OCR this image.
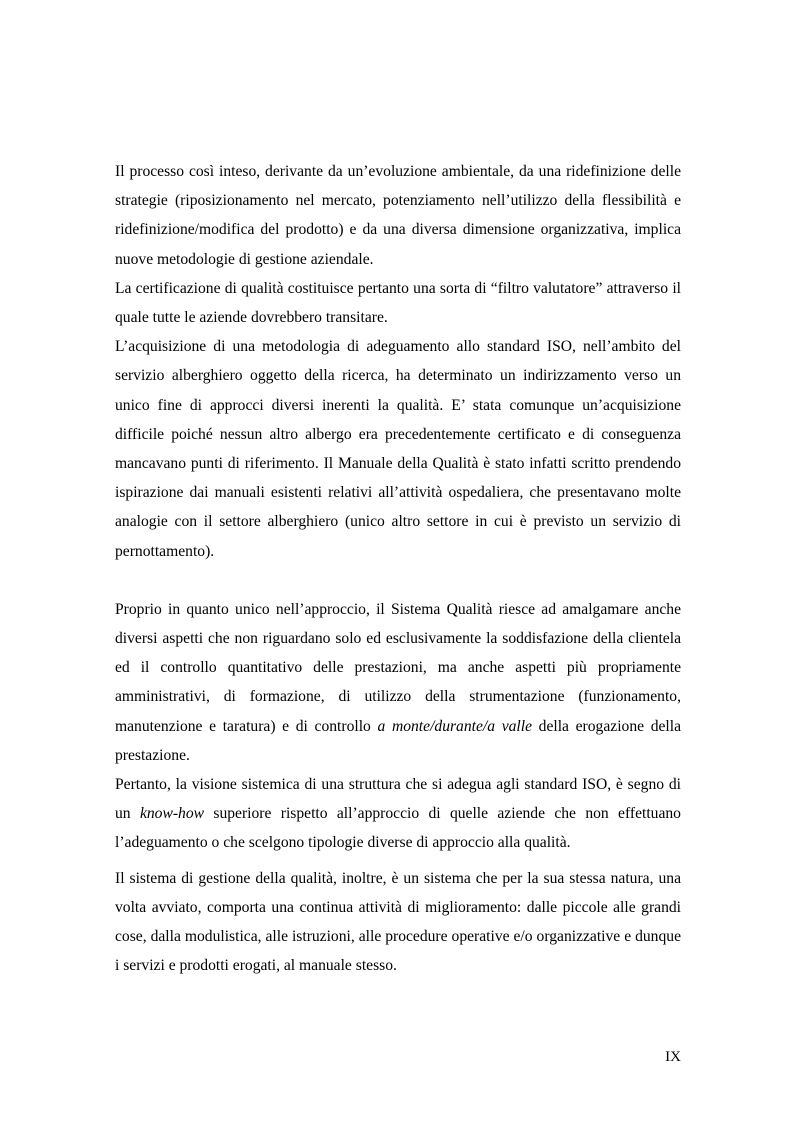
Il processo così inteso, derivante da un’evoluzione ambientale, da una ridefinizione delle strategie (riposizionamento nel mercato, potenziamento nell’utilizzo della flessibilità e ridefinizione/modifica del prodotto) e da una diversa dimensione organizzativa, implica nuove metodologie di gestione aziendale.

La certificazione di qualità costituisce pertanto una sorta di “filtro valutatore” attraverso il quale tutte le aziende dovrebbero transitare.

L’acquisizione di una metodologia di adeguamento allo standard ISO, nell’ambito del servizio alberghiero oggetto della ricerca, ha determinato un indirizzamento verso un unico fine di approcci diversi inerenti la qualità. E’ stata comunque un’acquisizione difficile poiché nessun altro albergo era precedentemente certificato e di conseguenza mancavano punti di riferimento. Il Manuale della Qualità è stato infatti scritto prendendo ispirazione dai manuali esistenti relativi all’attività ospedaliera, che presentavano molte analogie con il settore alberghiero (unico altro settore in cui è previsto un servizio di pernottamento).

Proprio in quanto unico nell’approccio, il Sistema Qualità riesce ad amalgamare anche diversi aspetti che non riguardano solo ed esclusivamente la soddisfazione della clientela ed il controllo quantitativo delle prestazioni, ma anche aspetti più propriamente amministrativi, di formazione, di utilizzo della strumentazione (funzionamento, manutenzione e taratura) e di controllo a monte/durante/a valle della erogazione della prestazione.

Pertanto, la visione sistemica di una struttura che si adegua agli standard ISO, è segno di un know-how superiore rispetto all’approccio di quelle aziende che non effettuano l’adeguamento o che scelgono tipologie diverse di approccio alla qualità.

Il sistema di gestione della qualità, inoltre, è un sistema che per la sua stessa natura, una volta avviato, comporta una continua attività di miglioramento: dalle piccole alle grandi cose, dalla modulistica, alle istruzioni, alle procedure operative e/o organizzative e dunque i servizi e prodotti erogati, al manuale stesso.

IX
